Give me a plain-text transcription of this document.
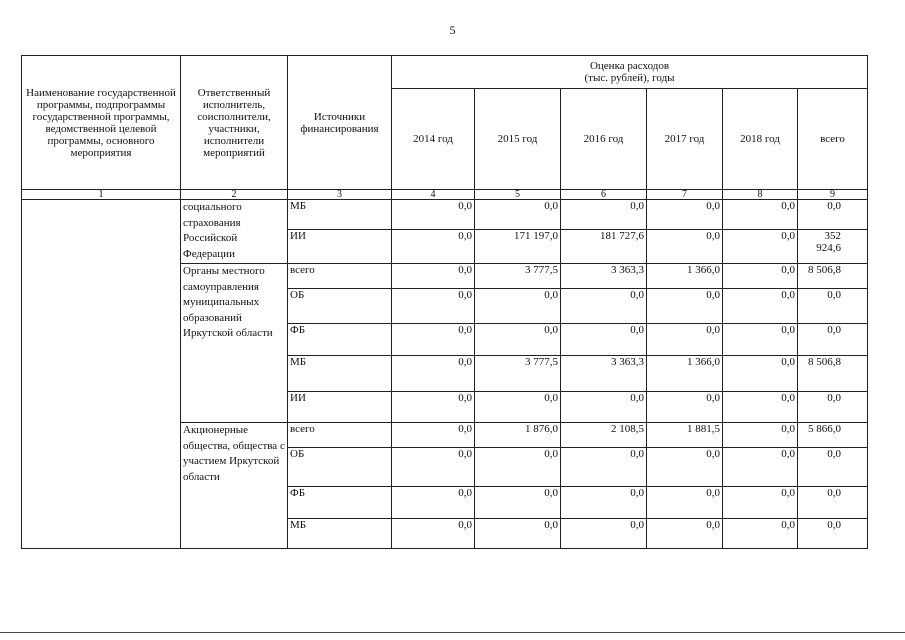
5
Наименование государственной программы, подпрограммы государственной программы, ведомственной целевой программы, основного мероприятия	Ответственный исполнитель, соисполнители, участники, исполнители мероприятий	Источники финансирования	Оценка расходов
(тыс. рублей), годы					
			2014 год	2015 год	2016 год	2017 год	2018 год	всего
1	2	3	4	5	6	7	8	9
	социального страхования Российской Федерации	МБ	0,0	0,0	0,0	0,0	0,0	0,0
		ИИ	0,0	171 197,0	181 727,6	0,0	0,0	352 924,6
	Органы местного самоуправления муниципальных образований Иркутской области	всего	0,0	3 777,5	3 363,3	1 366,0	0,0	8 506,8
		ОБ	0,0	0,0	0,0	0,0	0,0	0,0
		ФБ	0,0	0,0	0,0	0,0	0,0	0,0
		МБ	0,0	3 777,5	3 363,3	1 366,0	0,0	8 506,8
		ИИ	0,0	0,0	0,0	0,0	0,0	0,0
	Акционерные общества, общества с участием Иркутской области	всего	0,0	1 876,0	2 108,5	1 881,5	0,0	5 866,0
		ОБ	0,0	0,0	0,0	0,0	0,0	0,0
		ФБ	0,0	0,0	0,0	0,0	0,0	0,0
		МБ	0,0	0,0	0,0	0,0	0,0	0,0
